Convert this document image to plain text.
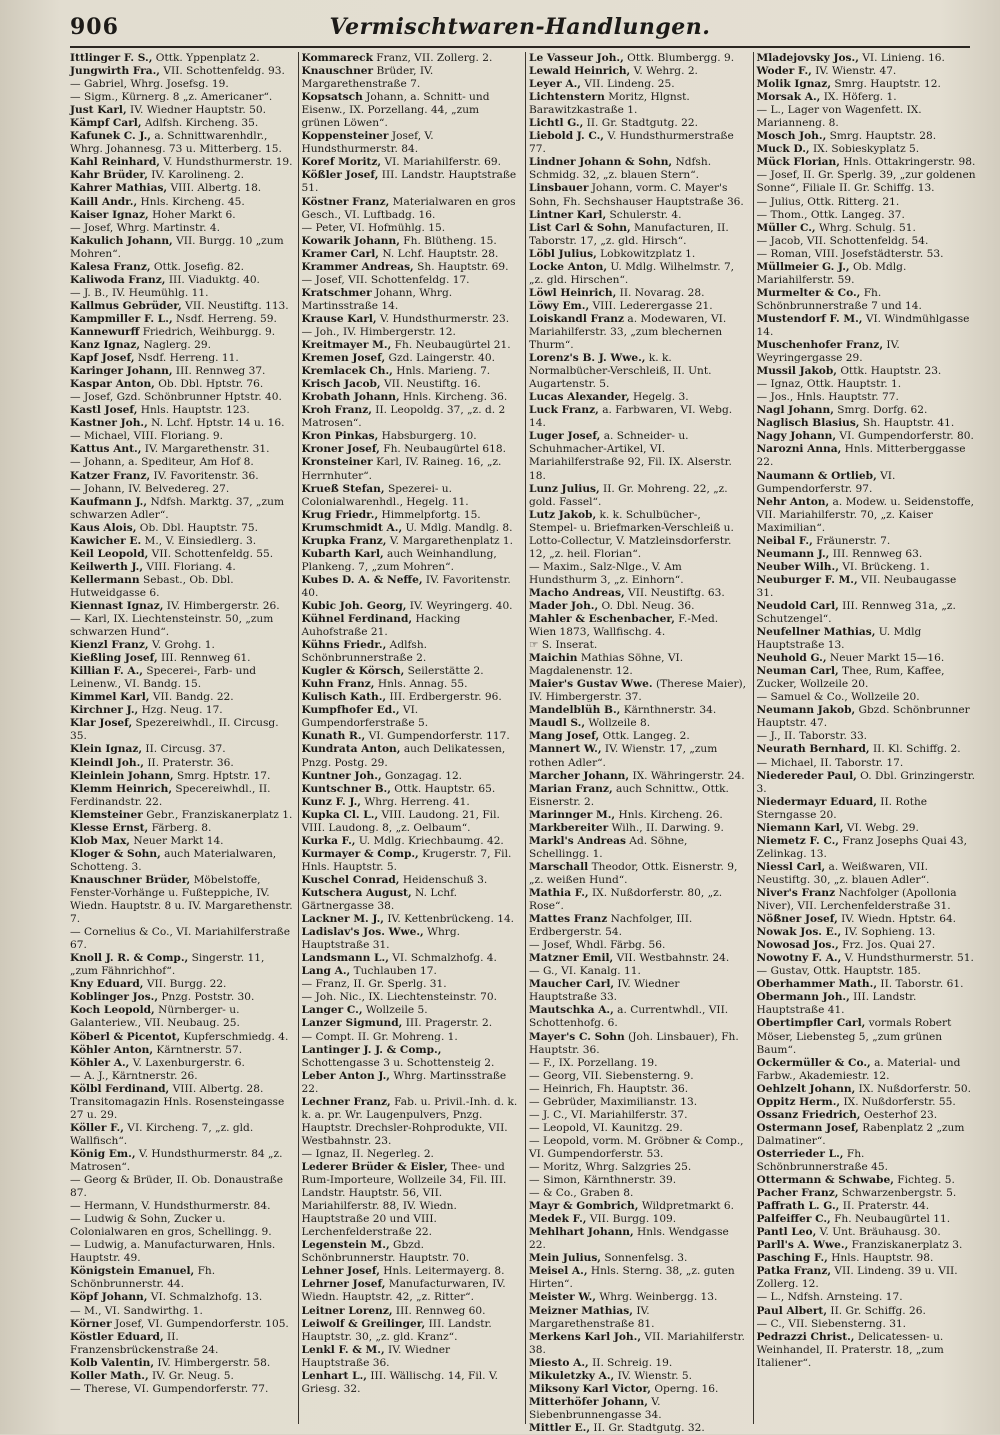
906	Vermischtwaren-Handlungen.
Ittlinger F. S., Ottk. Yppenplatz 2.
Jungwirth Fra., VII. Schottenfeldg. 93.
— Gabriel, Whrg. Josefsg. 19.
— Sigm., Kürnerg. 8 „z. Americaner“.
Just Karl, IV. Wiedner Hauptstr. 50.
Kämpf Carl, Adlfsh. Kircheng. 35.
Kafunek C. J., a. Schnittwarenhdlr., Whrg. Johannesg. 73 u. Mitterberg. 15.
Kahl Reinhard, V. Hundsthurmerstr. 19.
Kahr Brüder, IV. Karolineng. 2.
Kahrer Mathias, VIII. Albertg. 18.
Kaill Andr., Hnls. Kircheng. 45.
Kaiser Ignaz, Hoher Markt 6.
— Josef, Whrg. Martinstr. 4.
Kakulich Johann, VII. Burgg. 10 „zum Mohren“.
Kalesa Franz, Ottk. Josefig. 82.
Kaliwoda Franz, III. Viaduktg. 40.
— J. B., IV. Heumühlg. 11.
Kallmus Gebrüder, VII. Neustiftg. 113.
Kampmiller F. L., Nsdf. Herreng. 59.
Kannewurff Friedrich, Weihburgg. 9.
Kanz Ignaz, Naglerg. 29.
Kapf Josef, Nsdf. Herreng. 11.
Karinger Johann, III. Rennweg 37.
Kaspar Anton, Ob. Dbl. Hptstr. 76.
— Josef, Gzd. Schönbrunner Hptstr. 40.
Kastl Josef, Hnls. Hauptstr. 123.
Kastner Joh., N. Lchf. Hptstr. 14 u. 16.
— Michael, VIII. Floriang. 9.
Kattus Ant., IV. Margarethenstr. 31.
— Johann, a. Spediteur, Am Hof 8.
Katzer Franz, IV. Favoritenstr. 36.
— Johann, IV. Belvedereg. 27.
Kaufmann J., Ndfsh. Marktg. 37, „zum schwarzen Adler“.
Kaus Alois, Ob. Dbl. Hauptstr. 75.
Kawicher E. M., V. Einsiedlerg. 3.
Keil Leopold, VII. Schottenfeldg. 55.
Keilwerth J., VIII. Floriang. 4.
Kellermann Sebast., Ob. Dbl. Hutweidgasse 6.
Kiennast Ignaz, IV. Himbergerstr. 26.
— Karl, IX. Liechtensteinstr. 50, „zum schwarzen Hund“.
Kienzl Franz, V. Grohg. 1.
Kießling Josef, III. Rennweg 61.
Killian F. A., Specerei-, Farb- und Leinenw., VI. Bandg. 15.
Kimmel Karl, VII. Bandg. 22.
Kirchner J., Hzg. Neug. 17.
Klar Josef, Spezereiwhdl., II. Circusg. 35.
Klein Ignaz, II. Circusg. 37.
Kleindl Joh., II. Praterstr. 36.
Kleinlein Johann, Smrg. Hptstr. 17.
Klemm Heinrich, Specereiwhdl., II. Ferdinandstr. 22.
Klemsteiner Gebr., Franziskanerplatz 1.
Klesse Ernst, Färberg. 8.
Klob Max, Neuer Markt 14.
Kloger & Sohn, auch Materialwaren, Schotteng. 3.
Knauschner Brüder, Möbelstoffe, Fenster-Vorhänge u. Fußteppiche, IV. Wiedn. Hauptstr. 8 u. IV. Margarethenstr. 7.
— Cornelius & Co., VI. Mariahilferstraße 67.
Knoll J. R. & Comp., Singerstr. 11, „zum Fähnrichhof“.
Kny Eduard, VII. Burgg. 22.
Koblinger Jos., Pnzg. Poststr. 30.
Koch Leopold, Nürnberger- u. Galanteriew., VII. Neubaug. 25.
Köberl & Picentot, Kupferschmiedg. 4.
Köhler Anton, Kärntnerstr. 57.
Köhler A., V. Laxenburgerstr. 6.
— A. J., Kärntnerstr. 26.
Kölbl Ferdinand, VIII. Albertg. 28. Transitomagazin Hnls. Rosensteingasse 27 u. 29.
Köller F., VI. Kircheng. 7, „z. gld. Wallfisch“.
König Em., V. Hundsthurmerstr. 84 „z. Matrosen“.
— Georg & Brüder, II. Ob. Donaustraße 87.
— Hermann, V. Hundsthurmerstr. 84.
— Ludwig & Sohn, Zucker u. Colonialwaren en gros, Schellingg. 9.
— Ludwig, a. Manufacturwaren, Hnls. Hauptstr. 49.
Königstein Emanuel, Fh. Schönbrunnerstr. 44.
Köpf Johann, VI. Schmalzhofg. 13.
— M., VI. Sandwirthg. 1.
Körner Josef, VI. Gumpendorferstr. 105.
Köstler Eduard, II. Franzensbrückenstraße 24.
Kolb Valentin, IV. Himbergerstr. 58.
Koller Math., IV. Gr. Neug. 5.
— Therese, VI. Gumpendorferstr. 77.
Kommareck Franz, VII. Zollerg. 2.
Knauschner Brüder, IV. Margarethenstraße 7.
Kopsatsch Johann, a. Schnitt- und Eisenw., IX. Porzellang. 44, „zum grünen Löwen“.
Koppensteiner Josef, V. Hundsthurmerstr. 84.
Koref Moritz, VI. Mariahilferstr. 69.
Kößler Josef, III. Landstr. Hauptstraße 51.
Köstner Franz, Materialwaren en gros Gesch., VI. Luftbadg. 16.
— Peter, VI. Hofmühlg. 15.
Kowarik Johann, Fh. Blütheng. 15.
Kramer Carl, N. Lchf. Hauptstr. 28.
Krammer Andreas, Sh. Hauptstr. 69.
— Josef, VII. Schottenfeldg. 17.
Kratschmer Johann, Whrg. Martinsstraße 14.
Krause Karl, V. Hundsthurmerstr. 23.
— Joh., IV. Himbergerstr. 12.
Kreitmayer M., Fh. Neubaugürtel 21.
Kremen Josef, Gzd. Laingerstr. 40.
Kremlacek Ch., Hnls. Marieng. 7.
Krisch Jacob, VII. Neustiftg. 16.
Krobath Johann, Hnls. Kircheng. 36.
Kroh Franz, II. Leopoldg. 37, „z. d. 2 Matrosen“.
Kron Pinkas, Habsburgerg. 10.
Kroner Josef, Fh. Neubaugürtel 618.
Kronsteiner Karl, IV. Raineg. 16, „z. Herrnhuter“.
Krueß Stefan, Spezerei- u. Colonialwarenhdl., Hegelg. 11.
Krug Friedr., Himmelpfortg. 15.
Krumschmidt A., U. Mdlg. Mandlg. 8.
Krupka Franz, V. Margarethenplatz 1.
Kubarth Karl, auch Weinhandlung, Plankeng. 7, „zum Mohren“.
Kubes D. A. & Neffe, IV. Favoritenstr. 40.
Kubic Joh. Georg, IV. Weyringerg. 40.
Kühnel Ferdinand, Hacking Auhofstraße 21.
Kühns Friedr., Adlfsh. Schönbrunnerstraße 2.
Kugler & Körsch, Seilerstätte 2.
Kuhn Franz, Hnls. Annag. 55.
Kulisch Kath., III. Erdbergerstr. 96.
Kumpfhofer Ed., VI. Gumpendorferstraße 5.
Kunath R., VI. Gumpendorferstr. 117.
Kundrata Anton, auch Delikatessen, Pnzg. Postg. 29.
Kuntner Joh., Gonzagag. 12.
Kuntschner B., Ottk. Hauptstr. 65.
Kunz F. J., Whrg. Herreng. 41.
Kupka Cl. L., VIII. Laudong. 21, Fil. VIII. Laudong. 8, „z. Oelbaum“.
Kurka F., U. Mdlg. Kriechbaumg. 42.
Kurmayer & Comp., Krugerstr. 7, Fil. Hnls. Hauptstr. 5.
Kuschel Conrad, Heidenschuß 3.
Kutschera August, N. Lchf. Gärtnergasse 38.
Lackner M. J., IV. Kettenbrückeng. 14.
Ladislav's Jos. Wwe., Whrg. Hauptstraße 31.
Landsmann L., VI. Schmalzhofg. 4.
Lang A., Tuchlauben 17.
— Franz, II. Gr. Sperlg. 31.
— Joh. Nic., IX. Liechtensteinstr. 70.
Langer C., Wollzeile 5.
Lanzer Sigmund, III. Pragerstr. 2.
— Compt. II. Gr. Mohreng. 1.
Lantinger J. J. & Comp., Schottengasse 3 u. Schottensteig 2.
Leber Anton J., Whrg. Martinsstraße 22.
Lechner Franz, Fab. u. Privil.-Inh. d. k. k. a. pr. Wr. Laugenpulvers, Pnzg. Hauptstr. Drechsler-Rohprodukte, VII. Westbahnstr. 23.
— Ignaz, II. Negerleg. 2.
Lederer Brüder & Eisler, Thee- und Rum-Importeure, Wollzeile 34, Fil. III. Landstr. Hauptstr. 56, VII. Mariahilferstr. 88, IV. Wiedn. Hauptstraße 20 und VIII. Lerchenfelderstraße 22.
Legenstein M., Gbzd. Schönbrunnerstr. Hauptstr. 70.
Lehner Josef, Hnls. Leitermayerg. 8.
Lehrner Josef, Manufacturwaren, IV. Wiedn. Hauptstr. 42, „z. Ritter“.
Leitner Lorenz, III. Rennweg 60.
Leiwolf & Greilinger, III. Landstr. Hauptstr. 30, „z. gld. Kranz“.
Lenkl F. & M., IV. Wiedner Hauptstraße 36.
Lenhart L., III. Wällischg. 14, Fil. V. Griesg. 32.
Le Vasseur Joh., Ottk. Blumbergg. 9.
Lewald Heinrich, V. Wehrg. 2.
Leyer A., VII. Lindeng. 25.
Lichtenstern Moritz, Hlgnst. Barawitzkastraße 1.
Lichtl G., II. Gr. Stadtgutg. 22.
Liebold J. C., V. Hundsthurmerstraße 77.
Lindner Johann & Sohn, Ndfsh. Schmidg. 32, „z. blauen Stern“.
Linsbauer Johann, vorm. C. Mayer's Sohn, Fh. Sechshauser Hauptstraße 36.
Lintner Karl, Schulerstr. 4.
List Carl & Sohn, Manufacturen, II. Taborstr. 17, „z. gld. Hirsch“.
Löbl Julius, Lobkowitzplatz 1.
Locke Anton, U. Mdlg. Wilhelmstr. 7, „z. gld. Hirschen“.
Löwl Heinrich, II. Novarag. 28.
Löwy Em., VIII. Lederergasse 21.
Loiskandl Franz a. Modewaren, VI. Mariahilferstr. 33, „zum blechernen Thurm“.
Lorenz's B. J. Wwe., k. k. Normalbücher-Verschleiß, II. Unt. Augartenstr. 5.
Lucas Alexander, Hegelg. 3.
Luck Franz, a. Farbwaren, VI. Webg. 14.
Luger Josef, a. Schneider- u. Schuhmacher-Artikel, VI. Mariahilferstraße 92, Fil. IX. Alserstr. 18.
Lunz Julius, II. Gr. Mohreng. 22, „z. gold. Fassel“.
Lutz Jakob, k. k. Schulbücher-, Stempel- u. Briefmarken-Verschleiß u. Lotto-Collectur, V. Matzleinsdorferstr. 12, „z. heil. Florian“.
— Maxim., Salz-Nlge., V. Am Hundsthurm 3, „z. Einhorn“.
Macho Andreas, VII. Neustiftg. 63.
Mader Joh., O. Dbl. Neug. 36.
Mahler & Eschenbacher, F.-Med. Wien 1873, Wallfischg. 4.
☞ S. Inserat.
Maichin Mathias Söhne, VI. Magdalenenstr. 12.
Maier's Gustav Wwe. (Therese Maier), IV. Himbergerstr. 37.
Mandelblüh B., Kärnthnerstr. 34.
Maudl S., Wollzeile 8.
Mang Josef, Ottk. Langeg. 2.
Mannert W., IV. Wienstr. 17, „zum rothen Adler“.
Marcher Johann, IX. Währingerstr. 24.
Marian Franz, auch Schnittw., Ottk. Eisnerstr. 2.
Marinnger M., Hnls. Kircheng. 26.
Markbereiter Wilh., II. Darwing. 9.
Markl's Andreas Ad. Söhne, Schellingg. 1.
Marschall Theodor, Ottk. Eisnerstr. 9, „z. weißen Hund“.
Mathia F., IX. Nußdorferstr. 80, „z. Rose“.
Mattes Franz Nachfolger, III. Erdbergerstr. 54.
— Josef, Whdl. Färbg. 56.
Matzner Emil, VII. Westbahnstr. 24.
— G., VI. Kanalg. 11.
Maucher Carl, IV. Wiedner Hauptstraße 33.
Mautschka A., a. Currentwhdl., VII. Schottenhofg. 6.
Mayer's C. Sohn (Joh. Linsbauer), Fh. Hauptstr. 36.
— F., IX. Porzellang. 19.
— Georg, VII. Siebensterng. 9.
— Heinrich, Fh. Hauptstr. 36.
— Gebrüder, Maximilianstr. 13.
— J. C., VI. Mariahilferstr. 37.
— Leopold, VI. Kaunitzg. 29.
— Leopold, vorm. M. Gröbner & Comp., VI. Gumpendorferstr. 53.
— Moritz, Whrg. Salzgries 25.
— Simon, Kärnthnerstr. 39.
— & Co., Graben 8.
Mayr & Gombrich, Wildpretmarkt 6.
Medek F., VII. Burgg. 109.
Mehlhart Johann, Hnls. Wendgasse 22.
Mein Julius, Sonnenfelsg. 3.
Meisel A., Hnls. Sterng. 38, „z. guten Hirten“.
Meister W., Whrg. Weinbergg. 13.
Meizner Mathias, IV. Margarethenstraße 81.
Merkens Karl Joh., VII. Mariahilferstr. 38.
Miesto A., II. Schreig. 19.
Mikuletzky A., IV. Wienstr. 5.
Miksony Karl Victor, Operng. 16.
Mitterhöfer Johann, V. Siebenbrunnengasse 34.
Mittler E., II. Gr. Stadtgutg. 32.
Mladejovsky Jos., VI. Linieng. 16.
Woder F., IV. Wienstr. 47.
Molik Ignaz, Smrg. Hauptstr. 12.
Morsak A., IX. Höferg. 1.
— L., Lager von Wagenfett. IX. Marianneng. 8.
Mosch Joh., Smrg. Hauptstr. 28.
Muck D., IX. Sobieskyplatz 5.
Mück Florian, Hnls. Ottakringerstr. 98.
— Josef, II. Gr. Sperlg. 39, „zur goldenen Sonne“, Filiale II. Gr. Schiffg. 13.
— Julius, Ottk. Ritterg. 21.
— Thom., Ottk. Langeg. 37.
Müller C., Whrg. Schulg. 51.
— Jacob, VII. Schottenfeldg. 54.
— Roman, VIII. Josefstädterstr. 53.
Müllmeier G. J., Ob. Mdlg. Mariahilferstr. 59.
Murmelter & Co., Fh. Schönbrunnerstraße 7 und 14.
Mustendorf F. M., VI. Windmühlgasse 14.
Muschenhofer Franz, IV. Weyringergasse 29.
Mussil Jakob, Ottk. Hauptstr. 23.
— Ignaz, Ottk. Hauptstr. 1.
— Jos., Hnls. Hauptstr. 77.
Nagl Johann, Smrg. Dorfg. 62.
Naglisch Blasius, Sh. Hauptstr. 41.
Nagy Johann, VI. Gumpendorferstr. 80.
Narozni Anna, Hnls. Mitterberggasse 22.
Naumann & Ortlieb, VI. Gumpendorferstr. 97.
Nehr Anton, a. Modew. u. Seidenstoffe, VII. Mariahilferstr. 70, „z. Kaiser Maximilian“.
Neibal F., Fräunerstr. 7.
Neumann J., III. Rennweg 63.
Neuber Wilh., VI. Brückeng. 1.
Neuburger F. M., VII. Neubaugasse 31.
Neudold Carl, III. Rennweg 31a, „z. Schutzengel“.
Neufellner Mathias, U. Mdlg Hauptstraße 13.
Neuhold G., Neuer Markt 15—16.
Neuman Carl, Thee, Rum, Kaffee, Zucker, Wollzeile 20.
— Samuel & Co., Wollzeile 20.
Neumann Jakob, Gbzd. Schönbrunner Hauptstr. 47.
— J., II. Taborstr. 33.
Neurath Bernhard, II. Kl. Schiffg. 2.
— Michael, II. Taborstr. 17.
Niedereder Paul, O. Dbl. Grinzingerstr. 3.
Niedermayr Eduard, II. Rothe Sterngasse 20.
Niemann Karl, VI. Webg. 29.
Niemetz F. C., Franz Josephs Quai 43, Zelinkag. 13.
Niessl Carl, a. Weißwaren, VII. Neustiftg. 30, „z. blauen Adler“.
Niver's Franz Nachfolger (Apollonia Niver), VII. Lerchenfelderstraße 31.
Nößner Josef, IV. Wiedn. Hptstr. 64.
Nowak Jos. E., IV. Sophieng. 13.
Nowosad Jos., Frz. Jos. Quai 27.
Nowotny F. A., V. Hundsthurmerstr. 51.
— Gustav, Ottk. Hauptstr. 185.
Oberhammer Math., II. Taborstr. 61.
Obermann Joh., III. Landstr. Hauptstraße 41.
Obertimpfler Carl, vormals Robert Möser, Liebensteg 5, „zum grünen Baum“.
Ockermüller & Co., a. Material- und Farbw., Akademiestr. 12.
Oehlzelt Johann, IX. Nußdorferstr. 50.
Oppitz Herm., IX. Nußdorferstr. 55.
Ossanz Friedrich, Oesterhof 23.
Ostermann Josef, Rabenplatz 2 „zum Dalmatiner“.
Osterrieder L., Fh. Schönbrunnerstraße 45.
Ottermann & Schwabe, Fichteg. 5.
Pacher Franz, Schwarzenbergstr. 5.
Paffrath L. G., II. Praterstr. 44.
Palfeiffer C., Fh. Neubaugürtel 11.
Pantl Leo, V. Unt. Bräuhausg. 30.
Parll's A. Wwe., Franziskanerplatz 3.
Pasching F., Hnls. Hauptstr. 98.
Patka Franz, VII. Lindeng. 39 u. VII. Zollerg. 12.
— L., Ndfsh. Arnsteing. 17.
Paul Albert, II. Gr. Schiffg. 26.
— C., VII. Siebensterng. 31.
Pedrazzi Christ., Delicatessen- u. Weinhandel, II. Praterstr. 18, „zum Italiener“.
